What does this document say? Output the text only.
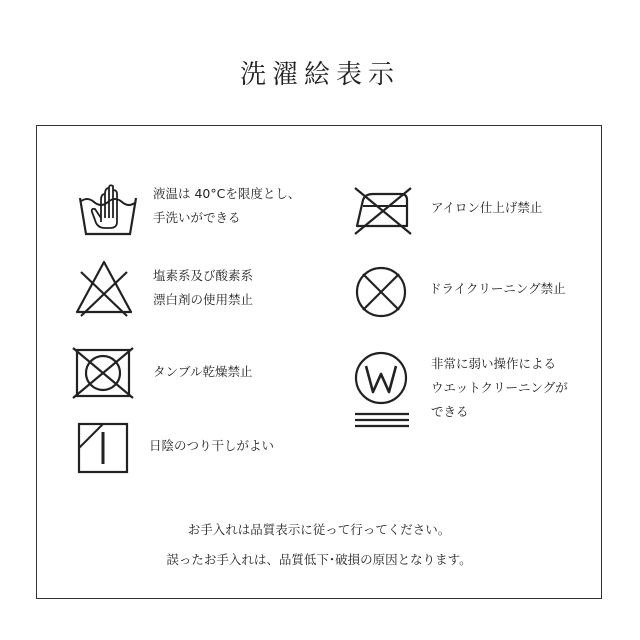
洗濯絵表示
液温は 40°Cを限度とし、
手洗いができる
塩素系及び酸素系
漂白剤の使用禁止
タンブル乾燥禁止
日陰のつり干しがよい
アイロン仕上げ禁止
ドライクリーニング禁止
非常に弱い操作による
ウエットクリーニングが
できる
お手入れは品質表示に従って行ってください。
誤ったお手入れは、品質低下･破損の原因となります。
